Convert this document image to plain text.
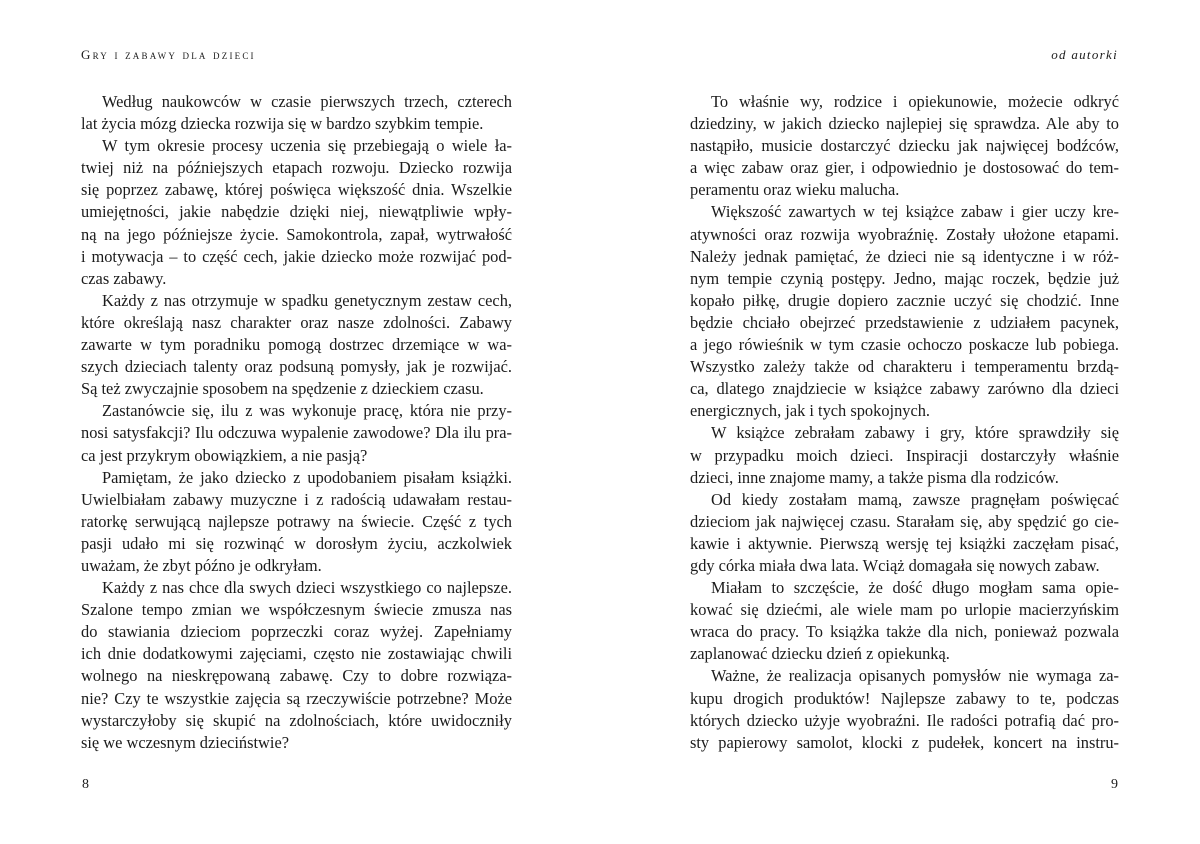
Gry i zabawy dla dzieci
Według naukowców w czasie pierwszych trzech, czterech
lat życia mózg dziecka rozwija się w bardzo szybkim tempie.
W tym okresie procesy uczenia się przebiegają o wiele ła-
twiej niż na późniejszych etapach rozwoju. Dziecko rozwija
się poprzez zabawę, której poświęca większość dnia. Wszelkie
umiejętności, jakie nabędzie dzięki niej, niewątpliwie wpły-
ną na jego późniejsze życie. Samokontrola, zapał, wytrwałość
i motywacja – to część cech, jakie dziecko może rozwijać pod-
czas zabawy.
Każdy z nas otrzymuje w spadku genetycznym zestaw cech,
które określają nasz charakter oraz nasze zdolności. Zabawy
zawarte w tym poradniku pomogą dostrzec drzemiące w wa-
szych dzieciach talenty oraz podsuną pomysły, jak je rozwijać.
Są też zwyczajnie sposobem na spędzenie z dzieckiem czasu.
Zastanówcie się, ilu z was wykonuje pracę, która nie przy-
nosi satysfakcji? Ilu odczuwa wypalenie zawodowe? Dla ilu pra-
ca jest przykrym obowiązkiem, a nie pasją?
Pamiętam, że jako dziecko z upodobaniem pisałam książki.
Uwielbiałam zabawy muzyczne i z radością udawałam restau-
ratorkę serwującą najlepsze potrawy na świecie. Część z tych
pasji udało mi się rozwinąć w dorosłym życiu, aczkolwiek
uważam, że zbyt późno je odkryłam.
Każdy z nas chce dla swych dzieci wszystkiego co najlepsze.
Szalone tempo zmian we współczesnym świecie zmusza nas
do stawiania dzieciom poprzeczki coraz wyżej. Zapełniamy
ich dnie dodatkowymi zajęciami, często nie zostawiając chwili
wolnego na nieskrępowaną zabawę. Czy to dobre rozwiąza-
nie? Czy te wszystkie zajęcia są rzeczywiście potrzebne? Może
wystarczyłoby się skupić na zdolnościach, które uwidoczniły
się we wczesnym dzieciństwie?
8
od autorki
To właśnie wy, rodzice i opiekunowie, możecie odkryć
dziedziny, w jakich dziecko najlepiej się sprawdza. Ale aby to
nastąpiło, musicie dostarczyć dziecku jak najwięcej bodźców,
a więc zabaw oraz gier, i odpowiednio je dostosować do tem-
peramentu oraz wieku malucha.
Większość zawartych w tej książce zabaw i gier uczy kre-
atywności oraz rozwija wyobraźnię. Zostały ułożone etapami.
Należy jednak pamiętać, że dzieci nie są identyczne i w róż-
nym tempie czynią postępy. Jedno, mając roczek, będzie już
kopało piłkę, drugie dopiero zacznie uczyć się chodzić. Inne
będzie chciało obejrzeć przedstawienie z udziałem pacynek,
a jego rówieśnik w tym czasie ochoczo poskacze lub pobiega.
Wszystko zależy także od charakteru i temperamentu brzdą-
ca, dlatego znajdziecie w książce zabawy zarówno dla dzieci
energicznych, jak i tych spokojnych.
W książce zebrałam zabawy i gry, które sprawdziły się
w przypadku moich dzieci. Inspiracji dostarczyły właśnie
dzieci, inne znajome mamy, a także pisma dla rodziców.
Od kiedy zostałam mamą, zawsze pragnęłam poświęcać
dzieciom jak najwięcej czasu. Starałam się, aby spędzić go cie-
kawie i aktywnie. Pierwszą wersję tej książki zaczęłam pisać,
gdy córka miała dwa lata. Wciąż domagała się nowych zabaw.
Miałam to szczęście, że dość długo mogłam sama opie-
kować się dziećmi, ale wiele mam po urlopie macierzyńskim
wraca do pracy. To książka także dla nich, ponieważ pozwala
zaplanować dziecku dzień z opiekunką.
Ważne, że realizacja opisanych pomysłów nie wymaga za-
kupu drogich produktów! Najlepsze zabawy to te, podczas
których dziecko użyje wyobraźni. Ile radości potrafią dać pro-
sty papierowy samolot, klocki z pudełek, koncert na instru-
9
